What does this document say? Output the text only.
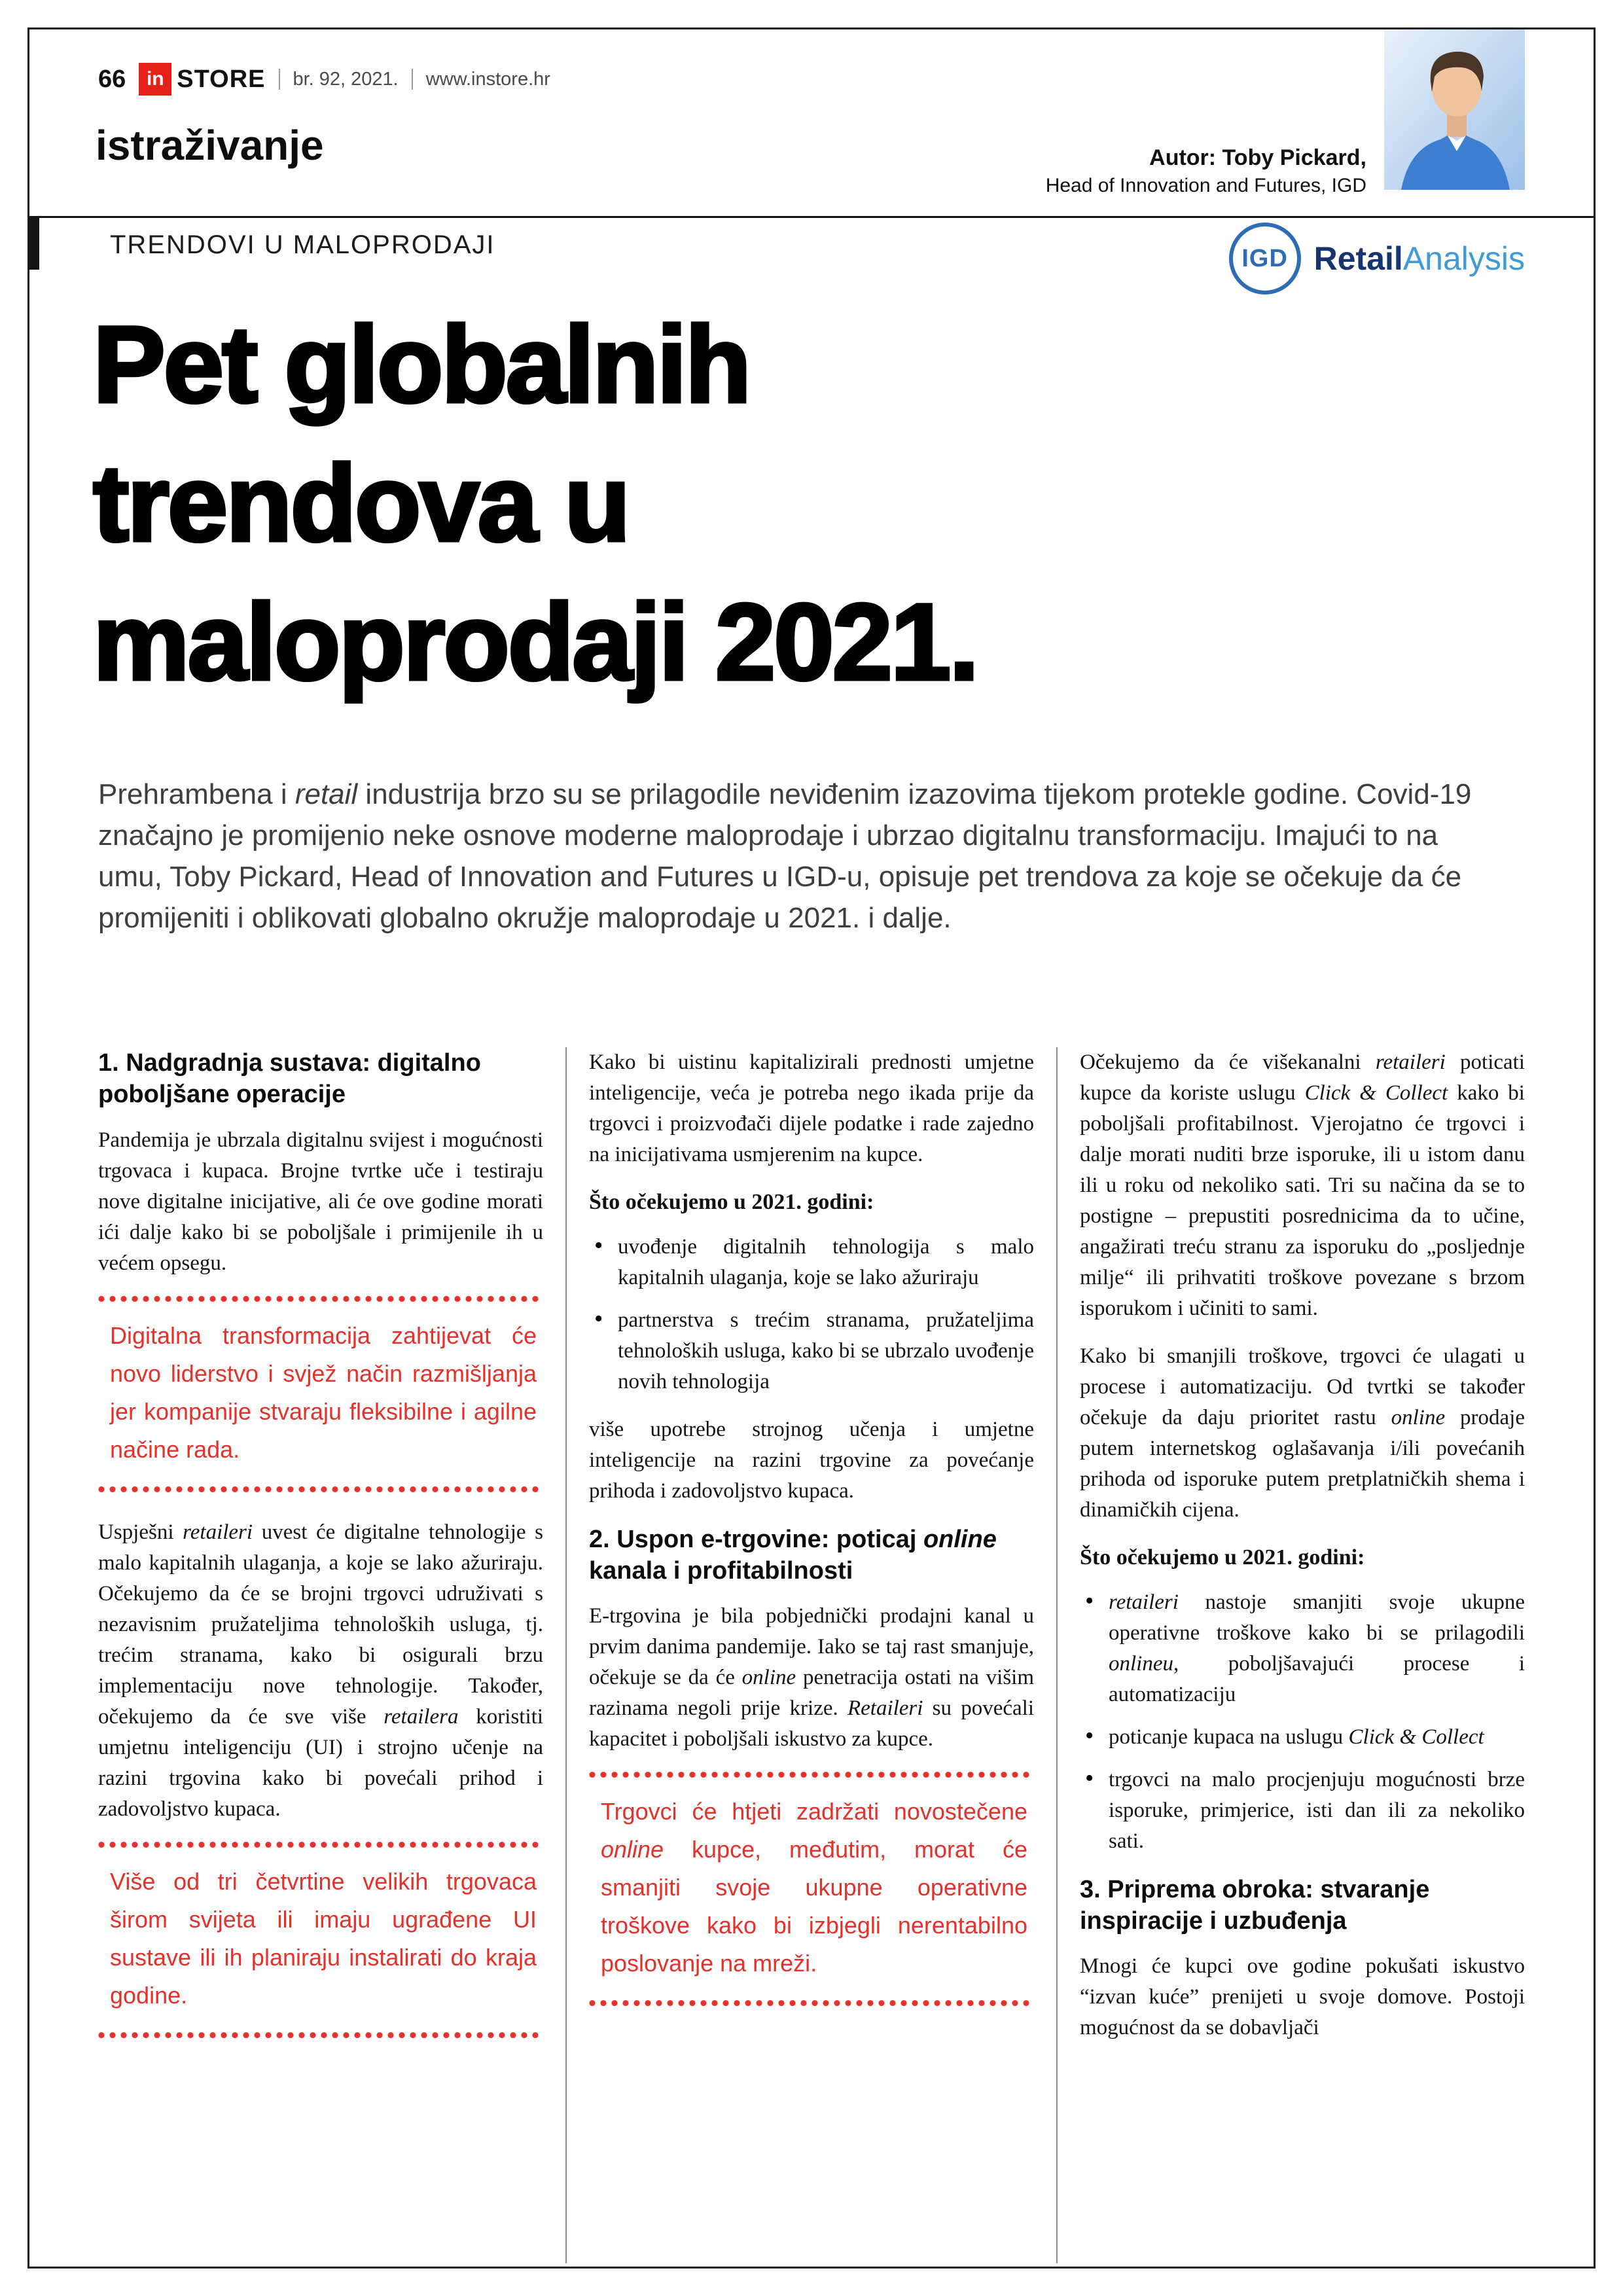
66	in STORE br. 92, 2021. www.instore.hr
istraživanje	Autor: Toby Pickard,
Head of Innovation and Futures, IGD
TRENDOVI U MALOPRODAJI	IGD RetailAnalysis
Pet globalnih
trendova u
maloprodaji 2021.

Prehrambena i retail industrija brzo su se prilagodile neviđenim izazovima tijekom protekle godine. Covid-19 značajno je promijenio neke osnove moderne maloprodaje i ubrzao digitalnu transformaciju. Imajući to na umu, Toby Pickard, Head of Innovation and Futures u IGD-u, opisuje pet trendova za koje se očekuje da će promijeniti i oblikovati globalno okružje maloprodaje u 2021. i dalje.

1. Nadgradnja sustava: digitalno poboljšane operacije

Pandemija je ubrzala digitalnu svijest i mogućnosti trgovaca i kupaca. Brojne tvrtke uče i testiraju nove digitalne inicijative, ali će ove godine morati ići dalje kako bi se poboljšale i primijenile ih u većem opsegu.

Digitalna transformacija zahtijevat će novo liderstvo i svjež način razmišljanja jer kompanije stvaraju fleksibilne i agilne načine rada.

Uspješni retaileri uvest će digitalne tehnologije s malo kapitalnih ulaganja, a koje se lako ažuriraju. Očekujemo da će se brojni trgovci udruživati s nezavisnim pružateljima tehnoloških usluga, tj. trećim stranama, kako bi osigurali brzu implementaciju nove tehnologije. Također, očekujemo da će sve više retailera koristiti umjetnu inteligenciju (UI) i strojno učenje na razini trgovina kako bi povećali prihod i zadovoljstvo kupaca.

Više od tri četvrtine velikih trgovaca širom svijeta ili imaju ugrađene UI sustave ili ih planiraju instalirati do kraja godine.

Kako bi uistinu kapitalizirali prednosti umjetne inteligencije, veća je potreba nego ikada prije da trgovci i proizvođači dijele podatke i rade zajedno na inicijativama usmjerenim na kupce.

Što očekujemo u 2021. godini:

• uvođenje digitalnih tehnologija s malo kapitalnih ulaganja, koje se lako ažuriraju
• partnerstva s trećim stranama, pružateljima tehnoloških usluga, kako bi se ubrzalo uvođenje novih tehnologija

više upotrebe strojnog učenja i umjetne inteligencije na razini trgovine za povećanje prihoda i zadovoljstvo kupaca.

2. Uspon e-trgovine: poticaj online kanala i profitabilnosti

E-trgovina je bila pobjednički prodajni kanal u prvim danima pandemije. Iako se taj rast smanjuje, očekuje se da će online penetracija ostati na višim razinama negoli prije krize. Retaileri su povećali kapacitet i poboljšali iskustvo za kupce.

Trgovci će htjeti zadržati novostečene online kupce, međutim, morat će smanjiti svoje ukupne operativne troškove kako bi izbjegli nerentabilno poslovanje na mreži.

Očekujemo da će višekanalni retaileri poticati kupce da koriste uslugu Click & Collect kako bi poboljšali profitabilnost. Vjerojatno će trgovci i dalje morati nuditi brze isporuke, ili u istom danu ili u roku od nekoliko sati. Tri su načina da se to postigne – prepustiti posrednicima da to učine, angažirati treću stranu za isporuku do „posljednje milje“ ili prihvatiti troškove povezane s brzom isporukom i učiniti to sami.

Kako bi smanjili troškove, trgovci će ulagati u procese i automatizaciju. Od tvrtki se također očekuje da daju prioritet rastu online prodaje putem internetskog oglašavanja i/ili povećanih prihoda od isporuke putem pretplatničkih shema i dinamičkih cijena.

Što očekujemo u 2021. godini:

• retaileri nastoje smanjiti svoje ukupne operativne troškove kako bi se prilagodili onlineu, poboljšavajući procese i automatizaciju
• poticanje kupaca na uslugu Click & Collect
• trgovci na malo procjenjuju mogućnosti brze isporuke, primjerice, isti dan ili za nekoliko sati.
3. Priprema obroka: stvaranje inspiracije i uzbuđenja

Mnogi će kupci ove godine pokušati iskustvo “izvan kuće” prenijeti u svoje domove. Postoji mogućnost da se dobavljači
